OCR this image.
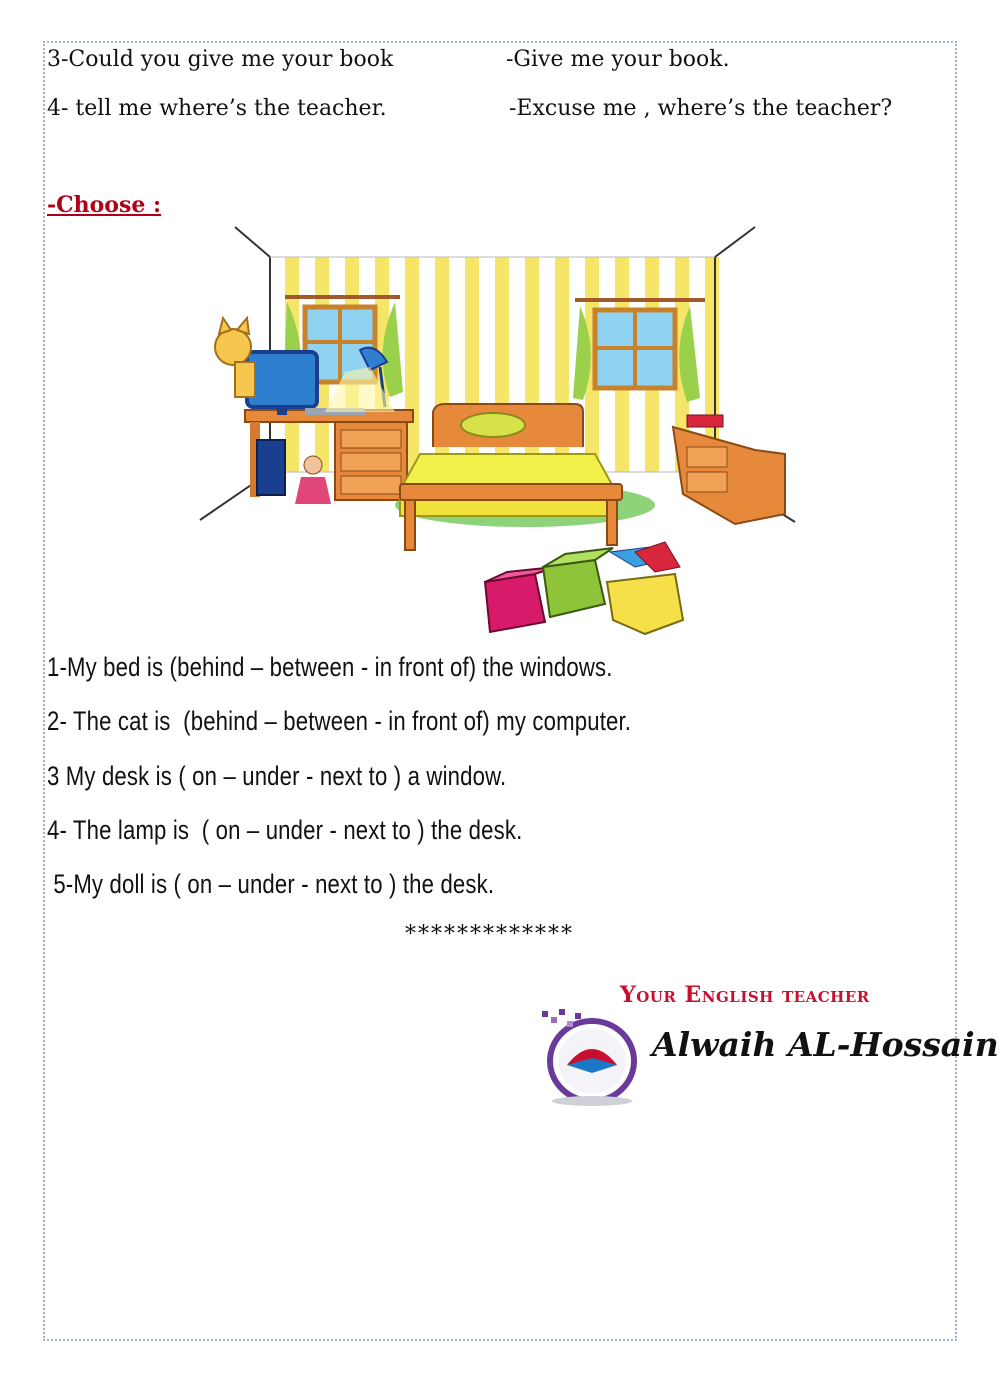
3-Could you give me your book	-Give me your book.
4- tell me where’s the teacher.	-Excuse me , where’s the teacher?
-Choose :
1-My bed is (behind – between - in front of) the windows.
2- The cat is  (behind – between - in front of) my computer.
3 My desk is ( on – under - next to ) a window.
4- The lamp is  ( on – under - next to ) the desk.
5-My doll is ( on – under - next to ) the desk.
*************
Your English teacher
Alwaih AL-Hossain
